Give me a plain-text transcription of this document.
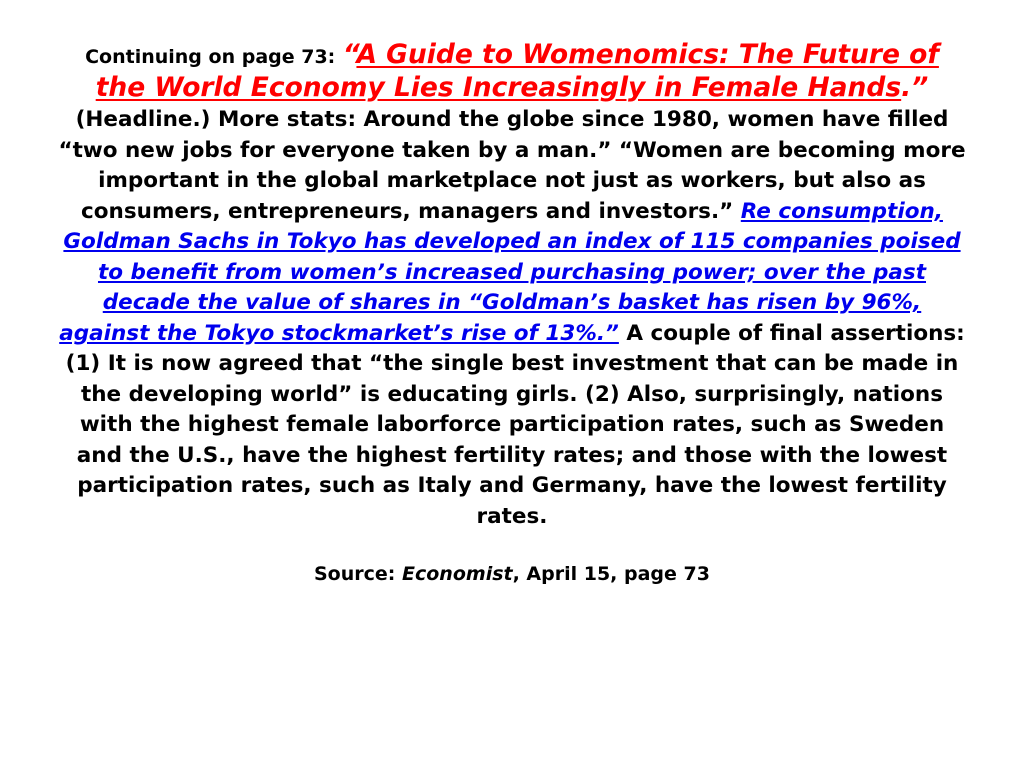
Continuing on page 73: “A Guide to Womenomics: The Future of the World Economy Lies Increasingly in Female Hands.” (Headline.) More stats: Around the globe since 1980, women have filled “two new jobs for everyone taken by a man.” “Women are becoming more important in the global marketplace not just as workers, but also as consumers, entrepreneurs, managers and investors.” Re consumption, Goldman Sachs in Tokyo has developed an index of 115 companies poised to benefit from women’s increased purchasing power; over the past decade the value of shares in “Goldman’s basket has risen by 96%, against the Tokyo stockmarket’s rise of 13%.” A couple of final assertions: (1) It is now agreed that “the single best investment that can be made in the developing world” is educating girls. (2) Also, surprisingly, nations with the highest female laborforce participation rates, such as Sweden and the U.S., have the highest fertility rates; and those with the lowest participation rates, such as Italy and Germany, have the lowest fertility rates.

Source: Economist, April 15, page 73
